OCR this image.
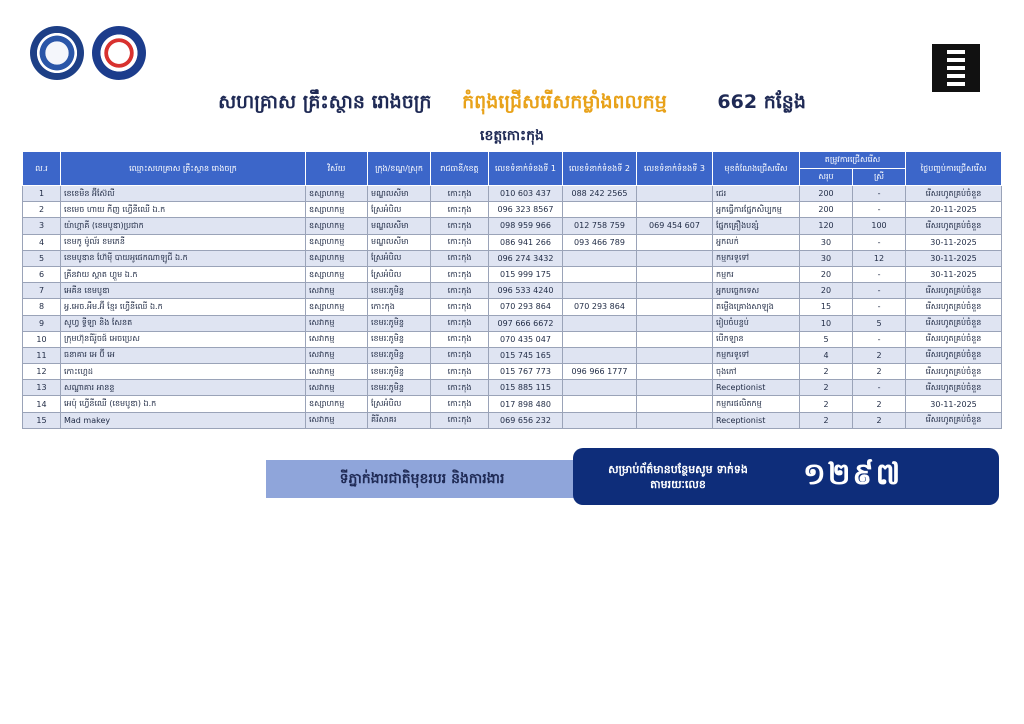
សហគ្រាស គ្រឹះស្ថាន រោងចក្រ កំពុងជ្រើសរើសកម្លាំងពលកម្ម	662 កន្លែង
ខេត្តកោះកុង
ល.រ	ឈ្មោះសហគ្រាស គ្រឹះស្ថាន រោងចក្រ	វិស័យ	ក្រុង/ខណ្ឌ/ស្រុក	រាជធានី/ខេត្ត	លេខទំនាក់ទំនងទី 1	លេខទំនាក់ទំនងទី 2	លេខទំនាក់ទំនងទី 3	មុខតំណែងជ្រើសរើស	តម្រូវការជ្រើសរើស		ថ្ងៃបញ្ចប់ការជ្រើសរើស
									សរុប	ស្រី	
1	ខេខេមិន អ៊ីស៊ែលី	ឧស្សាហកម្ម	មណ្ឌលសីមា	កោះកុង	010 603 437	088 242 2565		ជេរ	200	-	រើសរហូតគ្រប់ចំនួន
2	ខេមេច ហាយ ភីញ ហ្វើនីឈើ ឯ.ក	ឧស្សាហកម្ម	ស្រែអំបិល	កោះកុង	096 323 8567			អ្នកធ្វើការផ្នែកសិប្បកម្ម	200	-	20-11-2025
3	យ៉ាហ្គាគី (ខេមបូឌា)ប្រជាក	ឧស្សាហកម្ម	មណ្ឌលសីមា	កោះកុង	098 959 966	012 758 759	069 454 607	ផ្នែកគ្រឿងបន្សំ	120	100	រើសរហូតគ្រប់ចំនួន
4	ខេមកូ ម៉ូល័រ ខមភេនី	ឧស្សាហកម្ម	មណ្ឌលសីមា	កោះកុង	086 941 266	093 466 789		អ្នកលក់	30	-	30-11-2025
5	ខេមបូឌាន ហ៊ែមុី បាយអូផេកណាឡូជី ឯ.ក	ឧស្សាហកម្ម	ស្រែអំបិល	កោះកុង	096 274 3432			កម្មករទូទៅ	30	12	30-11-2025
6	គ្រីនវាយ ស្តាត ហ្គួម ឯ.ក	ឧស្សាហកម្ម	ស្រែអំបិល	កោះកុង	015 999 175			កម្មករ	20	-	30-11-2025
7	អេគីន ខេមបូឌា	សេវាកម្ម	ខេមរៈភូមិន្ទ	កោះកុង	096 533 4240			អ្នកបច្ចេកទេស	20	-	រើសរហូតគ្រប់ចំនួន
8	អ្វ.អេច.អឹម.អ៊ី ខ្មែរ ហ្វើនីឈើ ឯ.ក	ឧស្សាហកម្ម	កោះកុង	កោះកុង	070 293 864	070 293 864		តម្លើងគ្រោងសាឡុង	15	-	រើសរហូតគ្រប់ចំនួន
9	សូហ្វ ទ្វីឡា និង សែនត	សេវាកម្ម	ខេមរៈភូមិន្ទ	កោះកុង	097 666 6672			រៀបចំបន្ទប់	10	5	រើសរហូតគ្រប់ចំនួន
10	ក្រុមហ៊ុនធីរ៉ូចផ៍ អេចប្រេស	សេវាកម្ម	ខេមរៈភូមិន្ទ	កោះកុង	070 435 047			បើកឡាន	5	-	រើសរហូតគ្រប់ចំនួន
11	ធនាគារ អេ ប៊ី អេ	សេវាកម្ម	ខេមរៈភូមិន្ទ	កោះកុង	015 745 165			កម្មករទូទៅ	4	2	រើសរហូតគ្រប់ចំនួន
12	កោះហ្គេដ	សេវាកម្ម	ខេមរៈភូមិន្ទ	កោះកុង	015 767 773	096 966 1777		ចុងភៅ	2	2	រើសរហូតគ្រប់ចំនួន
13	សណ្ឋាគារ អានន្ទ	សេវាកម្ម	ខេមរៈភូមិន្ទ	កោះកុង	015 885 115			Receptionist	2	-	រើសរហូតគ្រប់ចំនួន
14	អេប៉ុ ហ្វើនីឈើ (ខេមបូឌា) ឯ.ក	ឧស្សាហកម្ម	ស្រែអំបិល	កោះកុង	017 898 480			កម្មករផលិតកម្ម	2	2	30-11-2025
15	Mad makey	សេវាកម្ម	គិរីសាគរ	កោះកុង	069 656 232			Receptionist	2	2	រើសរហូតគ្រប់ចំនួន
ទីភ្នាក់ងារជាតិមុខរបរ និងការងារ
សម្រាប់ព័ត៌មានបន្ថែមសូម ទាក់ទងតាមរយៈលេខ	១២៩៧
